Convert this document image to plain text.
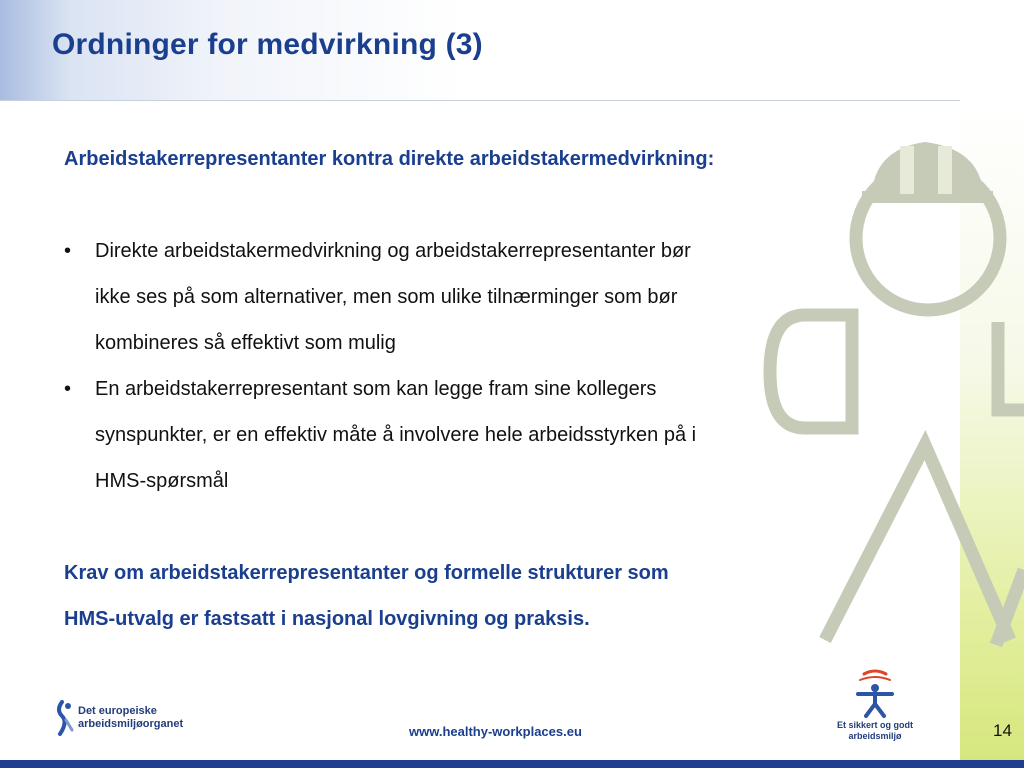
Ordninger for medvirkning (3)

Arbeidstakerrepresentanter kontra direkte arbeidstakermedvirkning:

• Direkte arbeidstakermedvirkning og arbeidstakerrepresentanter bør
ikke ses på som alternativer, men som ulike tilnærminger som bør
kombineres så effektivt som mulig
• En arbeidstakerrepresentant som kan legge fram sine kollegers
synspunkter, er en effektiv måte å involvere hele arbeidsstyrken på i
HMS-spørsmål

Krav om arbeidstakerrepresentanter og formelle strukturer som
HMS-utvalg er fastsatt i nasjonal lovgivning og praksis.

Det europeiske
arbeidsmiljøorganet	www.healthy-workplaces.eu	Et sikkert og godt
arbeidsmiljø	14
